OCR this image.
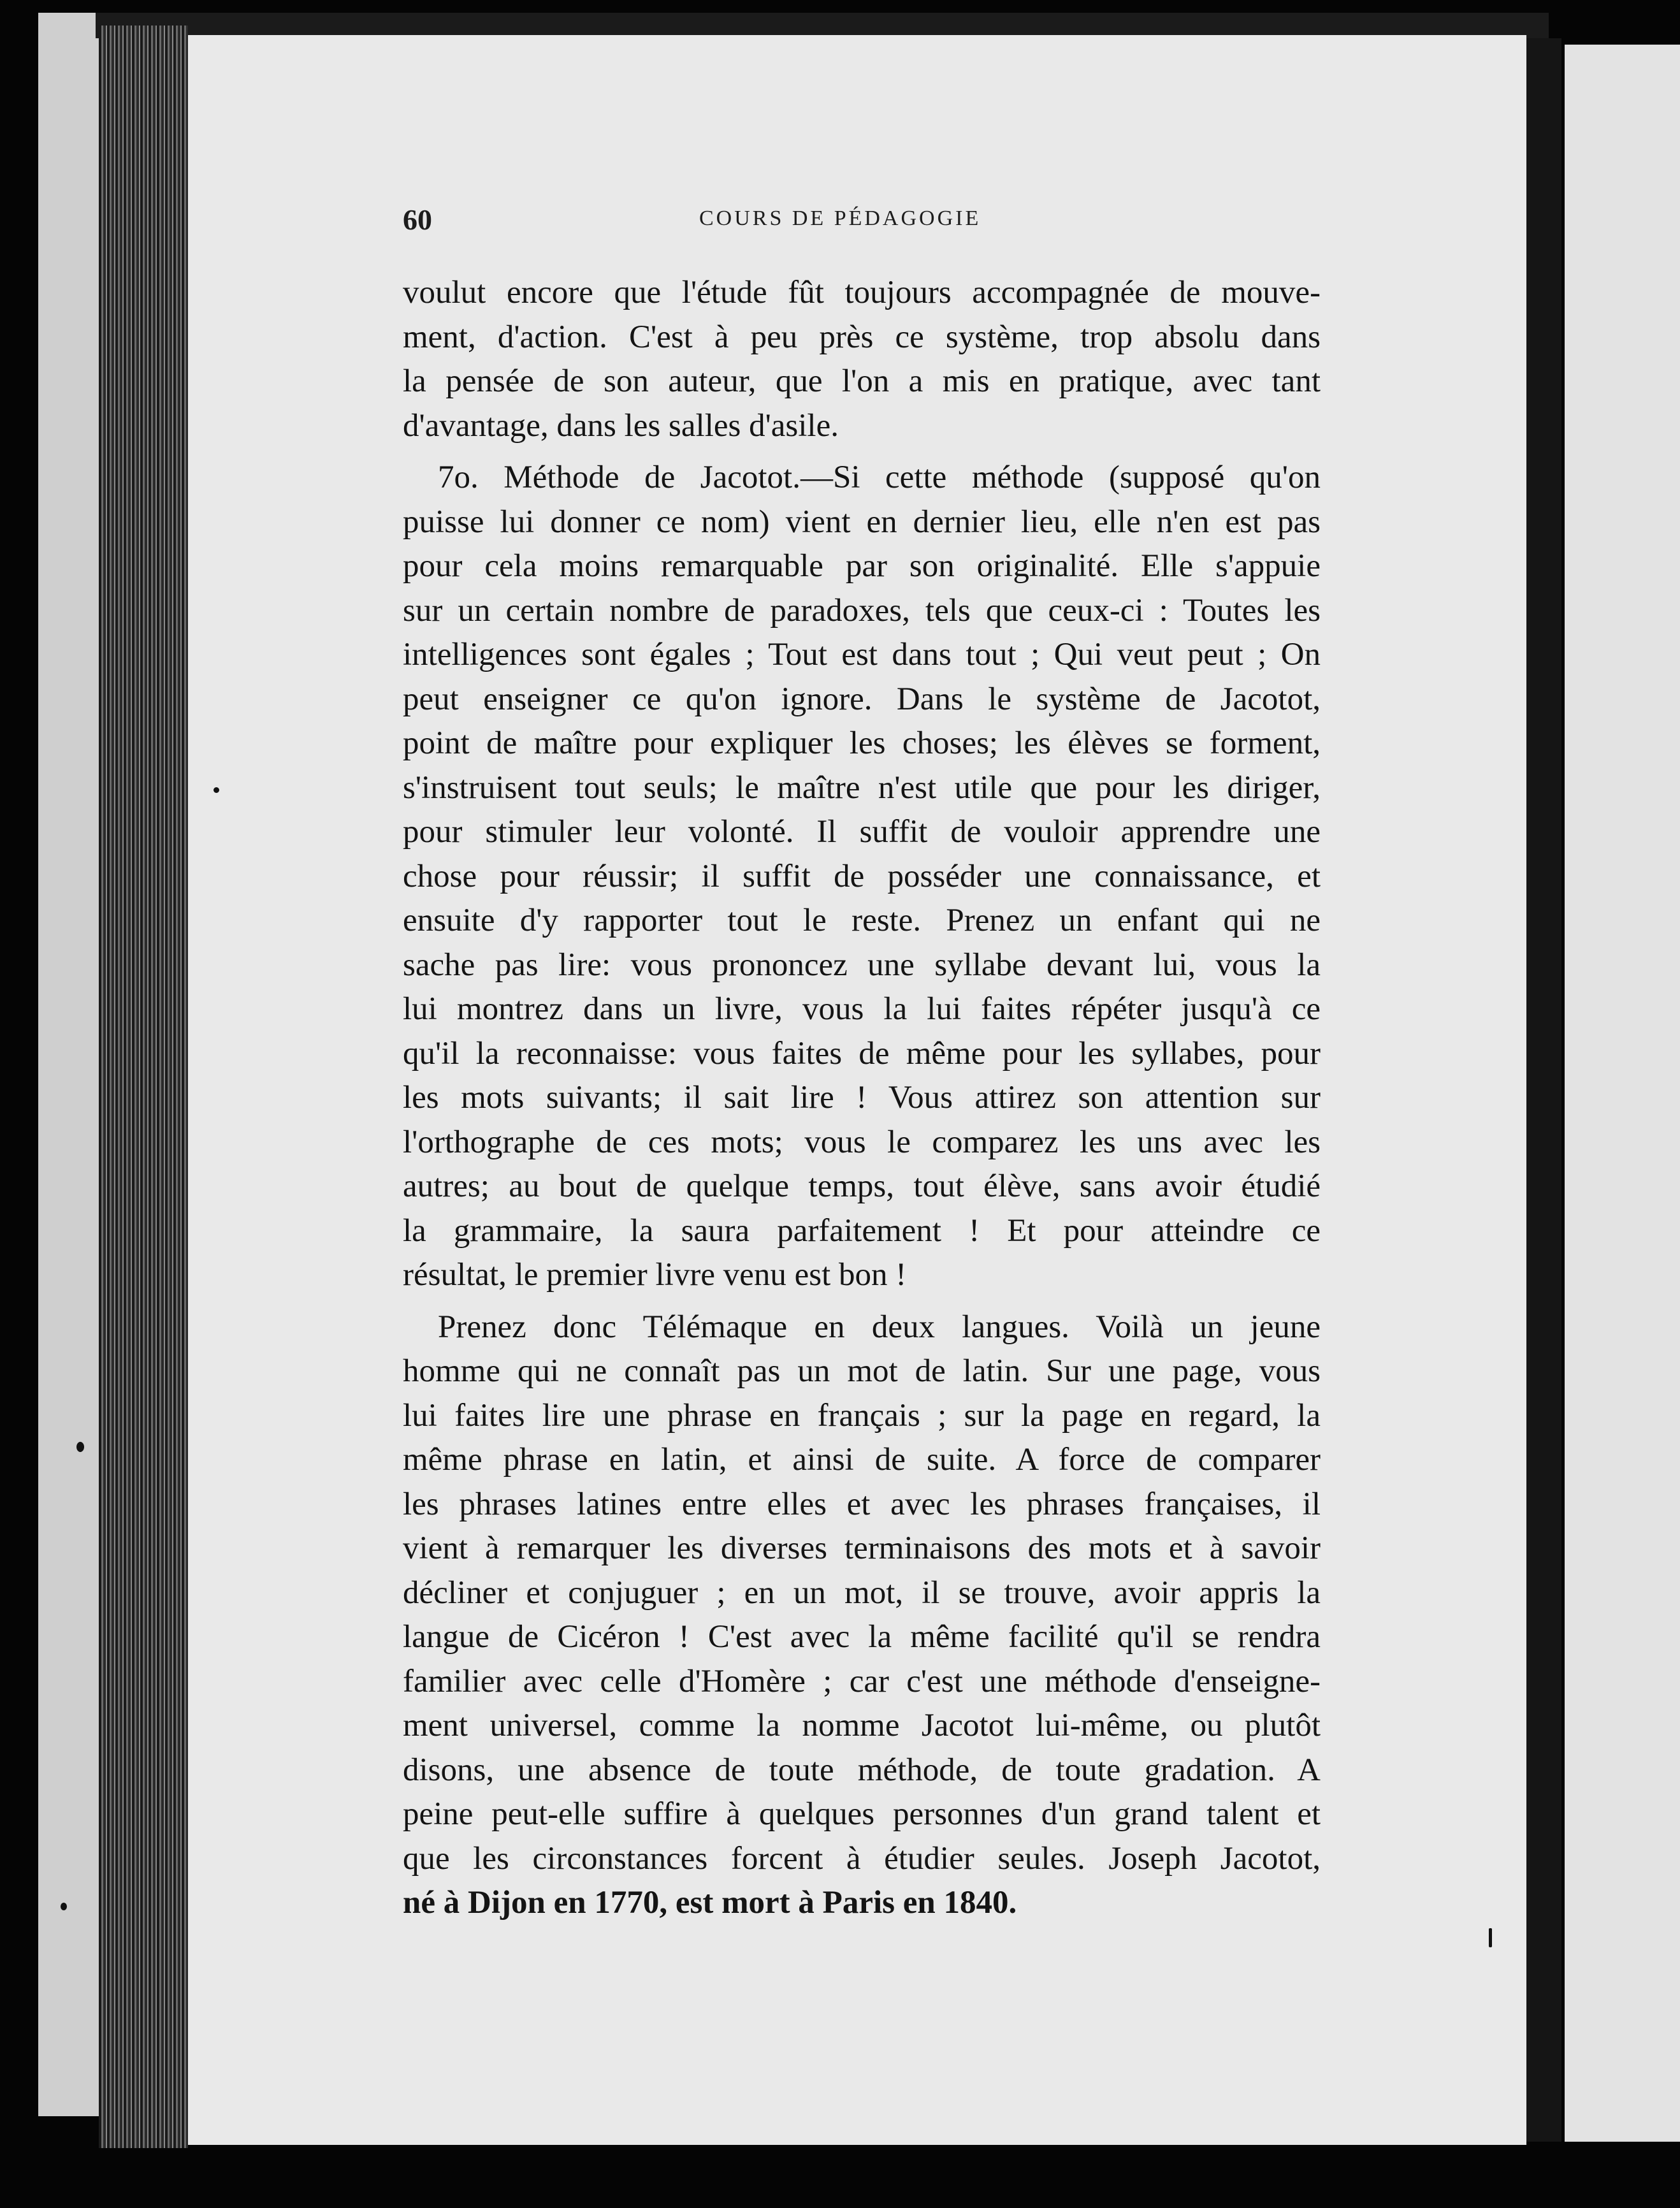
60	COURS DE PÉDAGOGIE
voulut encore que l'étude fût toujours accompagnée de mouve-
ment, d'action. C'est à peu près ce système, trop absolu dans
la pensée de son auteur, que l'on a mis en pratique, avec tant
d'avantage, dans les salles d'asile.
7o. Méthode de Jacotot.—Si cette méthode (supposé qu'on
puisse lui donner ce nom) vient en dernier lieu, elle n'en est pas
pour cela moins remarquable par son originalité. Elle s'appuie
sur un certain nombre de paradoxes, tels que ceux-ci : Toutes les
intelligences sont égales ; Tout est dans tout ; Qui veut peut ; On
peut enseigner ce qu'on ignore. Dans le système de Jacotot,
point de maître pour expliquer les choses; les élèves se forment,
s'instruisent tout seuls; le maître n'est utile que pour les diriger,
pour stimuler leur volonté. Il suffit de vouloir apprendre une
chose pour réussir; il suffit de posséder une connaissance, et
ensuite d'y rapporter tout le reste. Prenez un enfant qui ne
sache pas lire: vous prononcez une syllabe devant lui, vous la
lui montrez dans un livre, vous la lui faites répéter jusqu'à ce
qu'il la reconnaisse: vous faites de même pour les syllabes, pour
les mots suivants; il sait lire ! Vous attirez son attention sur
l'orthographe de ces mots; vous le comparez les uns avec les
autres; au bout de quelque temps, tout élève, sans avoir étudié
la grammaire, la saura parfaitement ! Et pour atteindre ce
résultat, le premier livre venu est bon !
Prenez donc Télémaque en deux langues. Voilà un jeune
homme qui ne connaît pas un mot de latin. Sur une page, vous
lui faites lire une phrase en français ; sur la page en regard, la
même phrase en latin, et ainsi de suite. A force de comparer
les phrases latines entre elles et avec les phrases françaises, il
vient à remarquer les diverses terminaisons des mots et à savoir
décliner et conjuguer ; en un mot, il se trouve, avoir appris la
langue de Cicéron ! C'est avec la même facilité qu'il se rendra
familier avec celle d'Homère ; car c'est une méthode d'enseigne-
ment universel, comme la nomme Jacotot lui-même, ou plutôt
disons, une absence de toute méthode, de toute gradation. A
peine peut-elle suffire à quelques personnes d'un grand talent et
que les circonstances forcent à étudier seules. Joseph Jacotot,
né à Dijon en 1770, est mort à Paris en 1840.
